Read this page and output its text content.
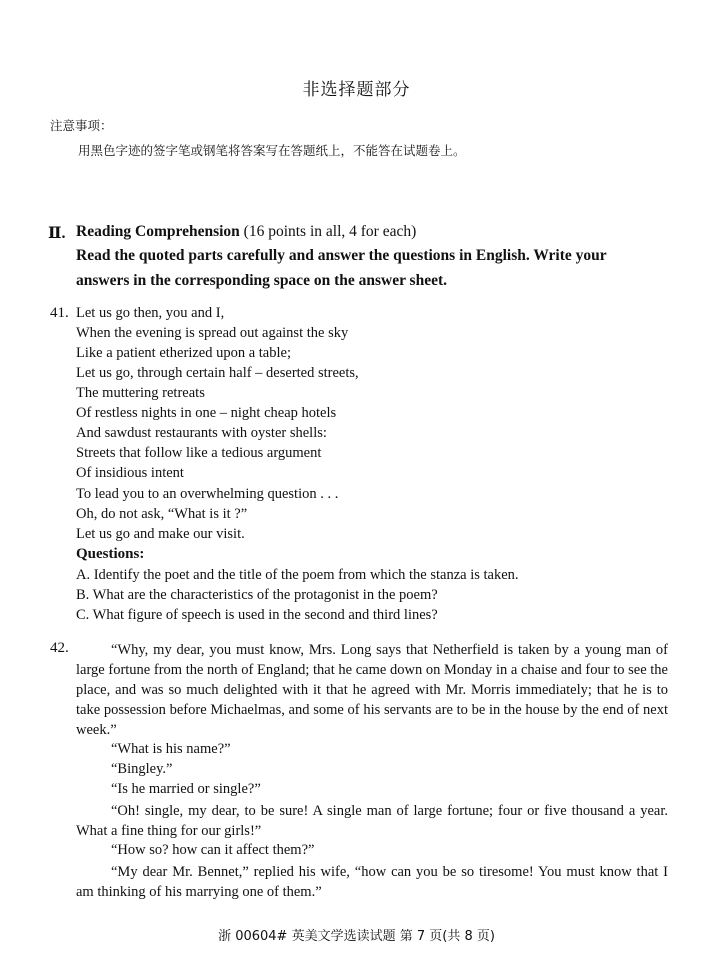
非选择题部分
注意事项：
用黑色字迹的签字笔或钢笔将答案写在答题纸上，不能答在试题卷上。
Ⅱ. Reading Comprehension (16 points in all, 4 for each)
Read the quoted parts carefully and answer the questions in English. Write your
answers in the corresponding space on the answer sheet.
41. Let us go then, you and I,
When the evening is spread out against the sky
Like a patient etherized upon a table;
Let us go, through certain half – deserted streets,
The muttering retreats
Of restless nights in one – night cheap hotels
And sawdust restaurants with oyster shells:
Streets that follow like a tedious argument
Of insidious intent
To lead you to an overwhelming question . . .
Oh, do not ask, “What is it ?”
Let us go and make our visit.
Questions:
A. Identify the poet and the title of the poem from which the stanza is taken.
B. What are the characteristics of the protagonist in the poem?
C. What figure of speech is used in the second and third lines?
42.	“Why, my dear, you must know, Mrs. Long says that Netherfield is taken by a young man of large fortune from the north of England; that he came down on Monday in a chaise and four to see the place, and was so much delighted with it that he agreed with Mr. Morris immediately; that he is to take possession before Michaelmas, and some of his servants are to be in the house by the end of next week.”
“What is his name?”
“Bingley.”
“Is he married or single?”
“Oh! single, my dear, to be sure! A single man of large fortune; four or five thousand a year. What a fine thing for our girls!”
“How so? how can it affect them?”
“My dear Mr. Bennet,” replied his wife, “how can you be so tiresome! You must know that I am thinking of his marrying one of them.”
浙 00604# 英美文学选读试题 第 7 页(共 8 页)
